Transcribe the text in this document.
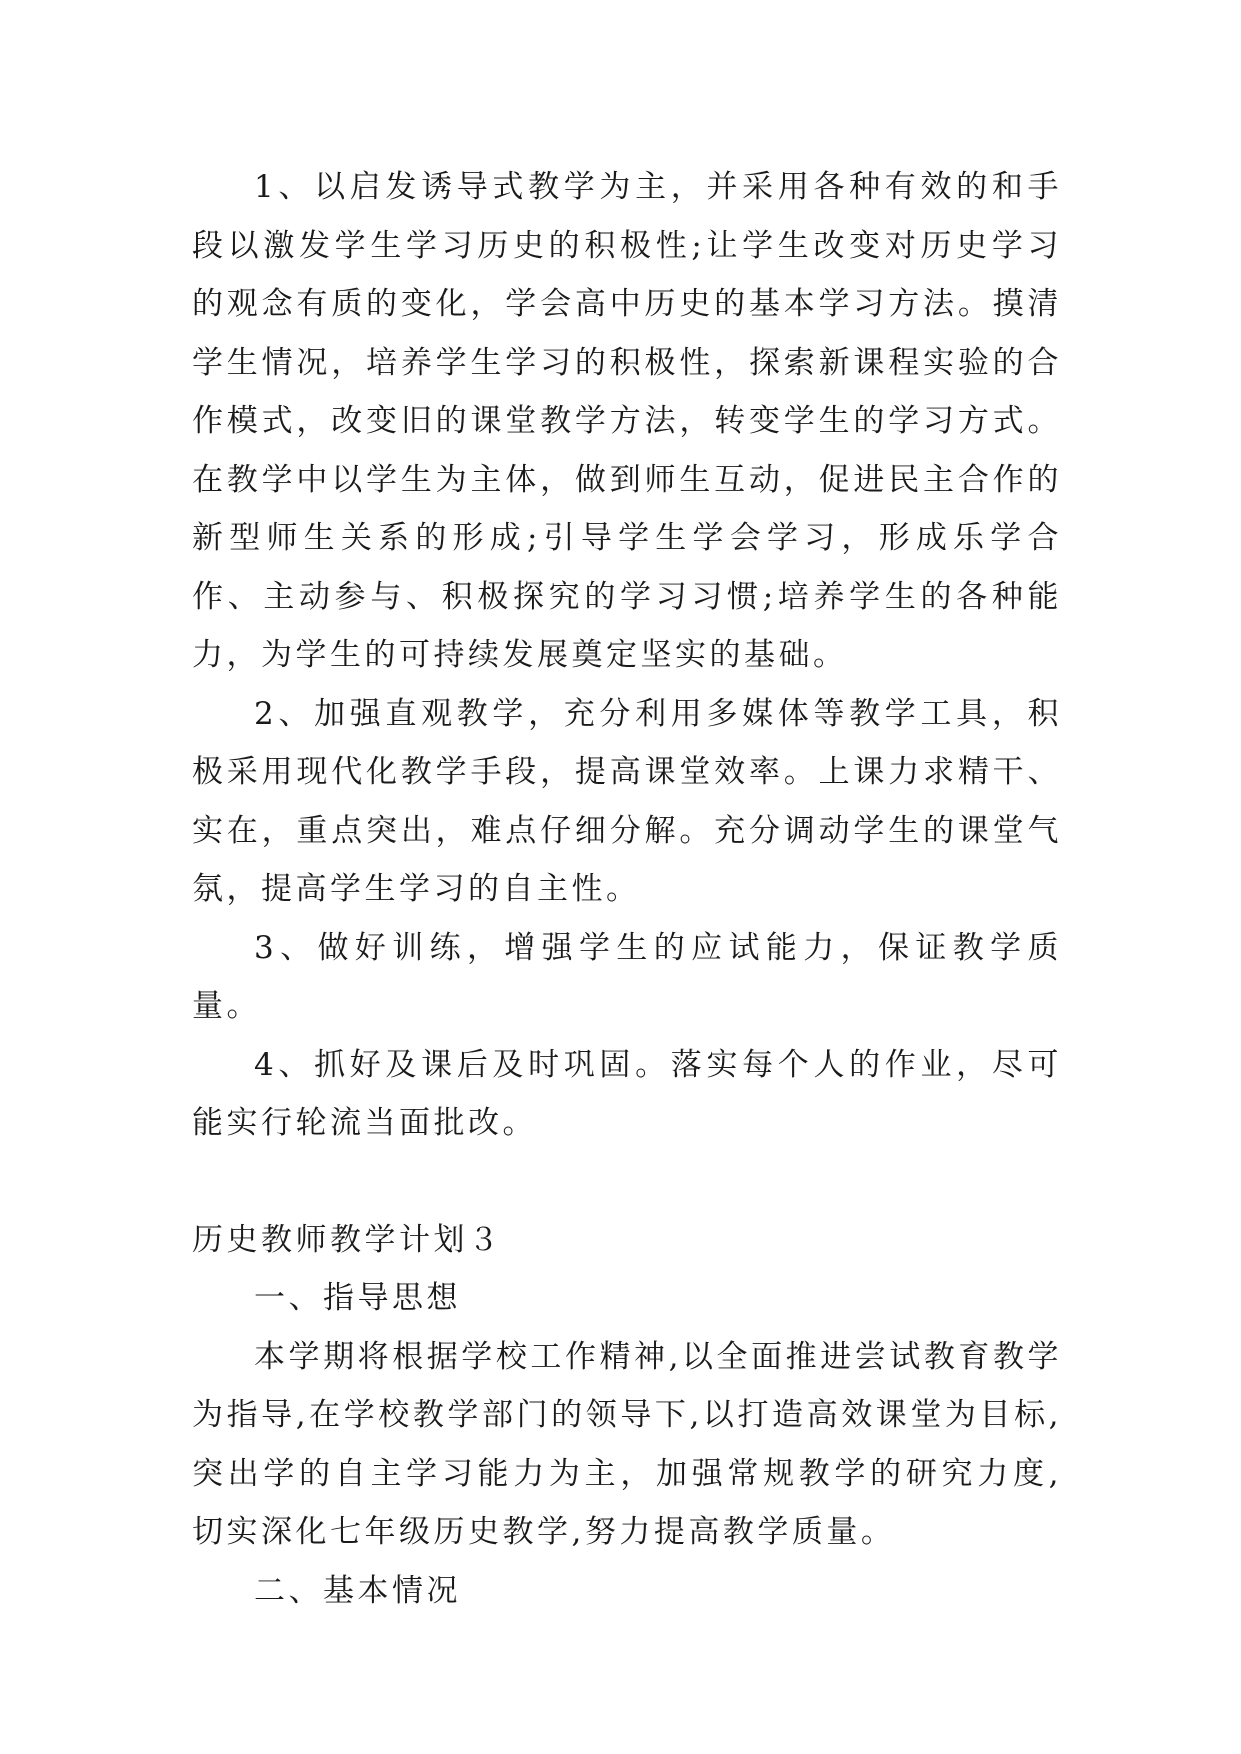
1、以启发诱导式教学为主，并采用各种有效的和手段以激发学生学习历史的积极性;让学生改变对历史学习的观念有质的变化，学会高中历史的基本学习方法。摸清学生情况，培养学生学习的积极性，探索新课程实验的合作模式，改变旧的课堂教学方法，转变学生的学习方式。在教学中以学生为主体，做到师生互动，促进民主合作的新型师生关系的形成;引导学生学会学习，形成乐学合作、主动参与、积极探究的学习习惯;培养学生的各种能力，为学生的可持续发展奠定坚实的基础。

2、加强直观教学，充分利用多媒体等教学工具，积极采用现代化教学手段，提高课堂效率。上课力求精干、实在，重点突出，难点仔细分解。充分调动学生的课堂气氛，提高学生学习的自主性。

3、做好训练，增强学生的应试能力，保证教学质量。

4、抓好及课后及时巩固。落实每个人的作业，尽可能实行轮流当面批改。

历史教师教学计划３

一、指导思想

本学期将根据学校工作精神,以全面推进尝试教育教学为指导,在学校教学部门的领导下,以打造高效课堂为目标,突出学的自主学习能力为主，加强常规教学的研究力度,切实深化七年级历史教学,努力提高教学质量。

二、基本情况
